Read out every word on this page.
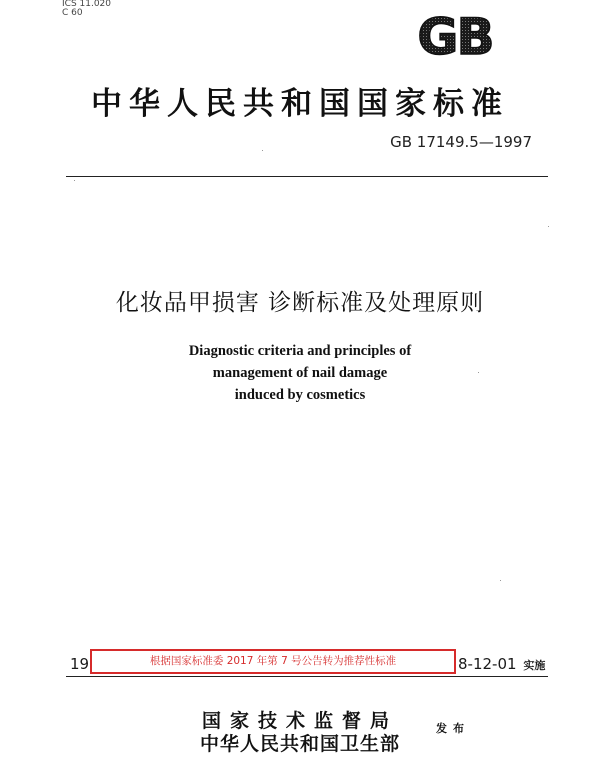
ICS 11.020
C 60	GB
中华人民共和国国家标准
GB 17149.5—1997
化妆品甲损害 诊断标准及处理原则
Diagnostic criteria and principles of
management of nail damage
induced by cosmetics
19	8-12-01 实施
根据国家标准委 2017 年第 7 号公告转为推荐性标准
国家技术监督局
中华人民共和国卫生部
发布
